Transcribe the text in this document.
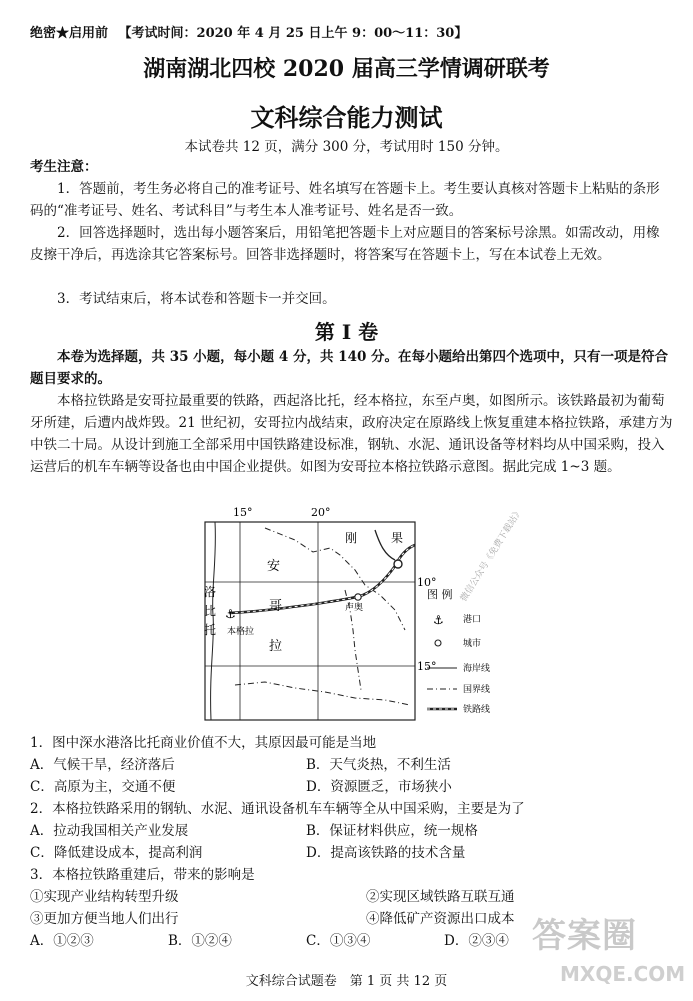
绝密★启用前 【考试时间：2020 年 4 月 25 日上午 9：00～11：30】
湖南湖北四校 2020 届高三学情调研联考
文科综合能力测试
本试卷共 12 页，满分 300 分，考试用时 150 分钟。
考生注意：
1．答题前，考生务必将自己的准考证号、姓名填写在答题卡上。考生要认真核对答题卡上粘贴的条形码的“准考证号、姓名、考试科目”与考生本人准考证号、姓名是否一致。
2．回答选择题时，选出每小题答案后，用铅笔把答题卡上对应题目的答案标号涂黑。如需改动，用橡皮擦干净后，再选涂其它答案标号。回答非选择题时，将答案写在答题卡上，写在本试卷上无效。
3．考试结束后，将本试卷和答题卡一并交回。
第 I 卷
本卷为选择题，共 35 小题，每小题 4 分，共 140 分。在每小题给出第四个选项中，只有一项是符合题目要求的。
本格拉铁路是安哥拉最重要的铁路，西起洛比托，经本格拉，东至卢奥，如图所示。该铁路最初为葡萄牙所建，后遭内战炸毁。21 世纪初，安哥拉内战结束，政府决定在原路线上恢复重建本格拉铁路，承建方为中铁二十局。从设计到施工全部采用中国铁路建设标准，钢轨、水泥、通讯设备等材料均从中国采购，投入运营后的机车车辆等设备也由中国企业提供。如图为安哥拉本格拉铁路示意图。据此完成 1~3 题。
⚓
15°	20°
10°
15°
刚	果
安
哥
拉
洛
比
托 本格拉
卢奥
图 例
⚓ 港口
城市
海岸线
国界线
铁路线
微信公众号《免费下载站》
1．图中深水港洛比托商业价值不大，其原因最可能是当地
A．气候干旱，经济落后	B．天气炎热，不利生活
C．高原为主，交通不便	D．资源匮乏，市场狭小
2．本格拉铁路采用的钢轨、水泥、通讯设备机车车辆等全从中国采购，主要是为了
A．拉动我国相关产业发展	B．保证材料供应，统一规格
C．降低建设成本，提高利润	D．提高该铁路的技术含量
3．本格拉铁路重建后，带来的影响是
①实现产业结构转型升级	②实现区域铁路互联互通
③更加方便当地人们出行	④降低矿产资源出口成本
A．①②③	B．①②④	C．①③④	D．②③④
文科综合试题卷　第 1 页 共 12 页
答案圈
MXQE.COM
